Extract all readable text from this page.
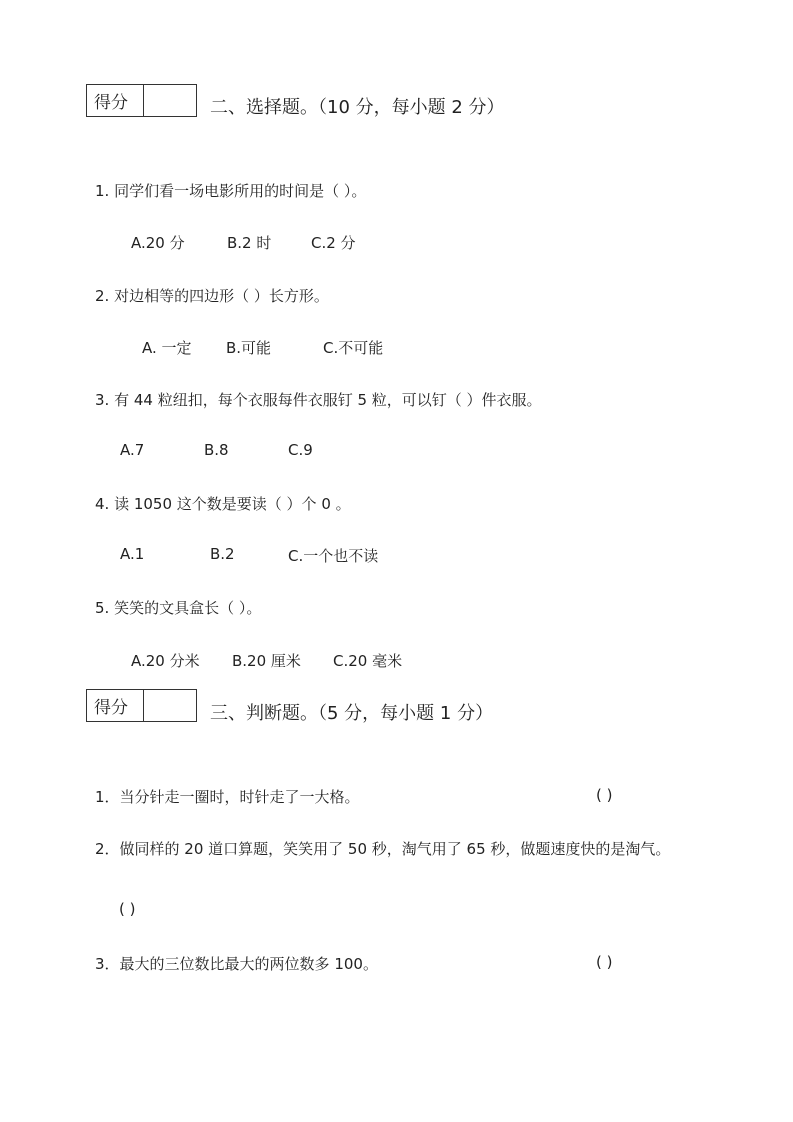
得分	二、选择题。（10 分，每小题 2 分）
1. 同学们看一场电影所用的时间是（ ）。
A.20 分	B.2 时	C.2 分
2. 对边相等的四边形（ ）长方形。
A. 一定 B.可能	C.不可能
3. 有 44 粒纽扣，每个衣服每件衣服钉 5 粒，可以钉（ ）件衣服。
A.7	B.8	C.9
4. 读 1050 这个数是要读（ ）个 0 。
A.1	B.2	C.一个也不读
5. 笑笑的文具盒长（ ）。
A.20 分米 B.20 厘米 C.20 毫米
得分	三、判断题。（5 分，每小题 1 分）
1．当分针走一圈时，时针走了一大格。	( )
2．做同样的 20 道口算题，笑笑用了 50 秒，淘气用了 65 秒，做题速度快的是淘气。
( )
3．最大的三位数比最大的两位数多 100。	( )
